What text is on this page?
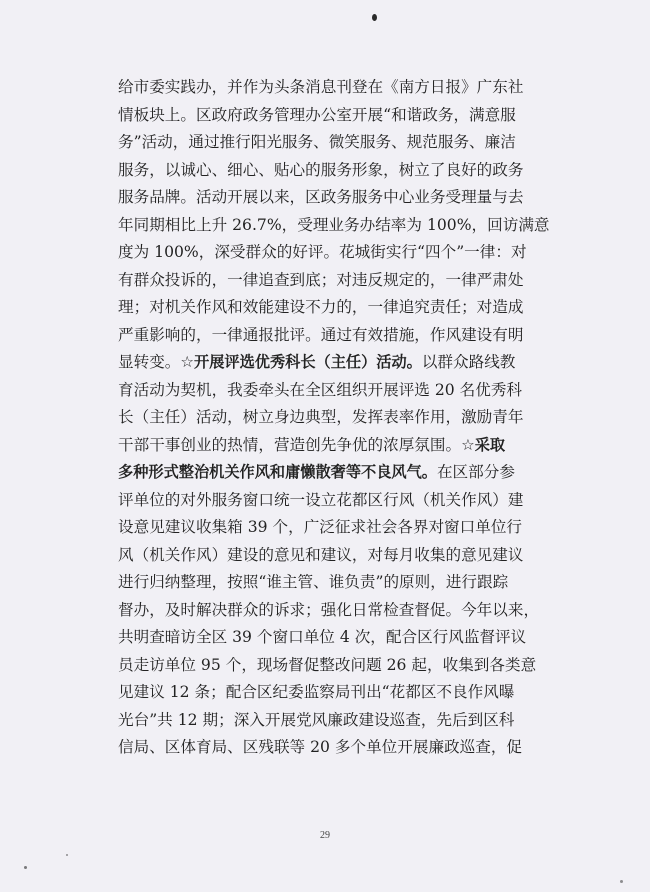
给市委实践办，并作为头条消息刊登在《南方日报》广东社
情板块上。区政府政务管理办公室开展“和谐政务，满意服
务”活动，通过推行阳光服务、微笑服务、规范服务、廉洁
服务，以诚心、细心、贴心的服务形象，树立了良好的政务
服务品牌。活动开展以来，区政务服务中心业务受理量与去
年同期相比上升 26.7%，受理业务办结率为 100%，回访满意
度为 100%，深受群众的好评。花城街实行“四个”一律：对
有群众投诉的，一律追查到底；对违反规定的，一律严肃处
理；对机关作风和效能建设不力的，一律追究责任；对造成
严重影响的，一律通报批评。通过有效措施，作风建设有明
显转变。☆开展评选优秀科长（主任）活动。以群众路线教
育活动为契机，我委牵头在全区组织开展评选 20 名优秀科
长（主任）活动，树立身边典型，发挥表率作用，激励青年
干部干事创业的热情，营造创先争优的浓厚氛围。☆采取
多种形式整治机关作风和庸懒散奢等不良风气。在区部分参
评单位的对外服务窗口统一设立花都区行风（机关作风）建
设意见建议收集箱 39 个，广泛征求社会各界对窗口单位行
风（机关作风）建设的意见和建议，对每月收集的意见建议
进行归纳整理，按照“谁主管、谁负责”的原则，进行跟踪
督办，及时解决群众的诉求；强化日常检查督促。今年以来，
共明查暗访全区 39 个窗口单位 4 次，配合区行风监督评议
员走访单位 95 个，现场督促整改问题 26 起，收集到各类意
见建议 12 条；配合区纪委监察局刊出“花都区不良作风曝
光台”共 12 期；深入开展党风廉政建设巡查，先后到区科
信局、区体育局、区残联等 20 多个单位开展廉政巡查，促
29
